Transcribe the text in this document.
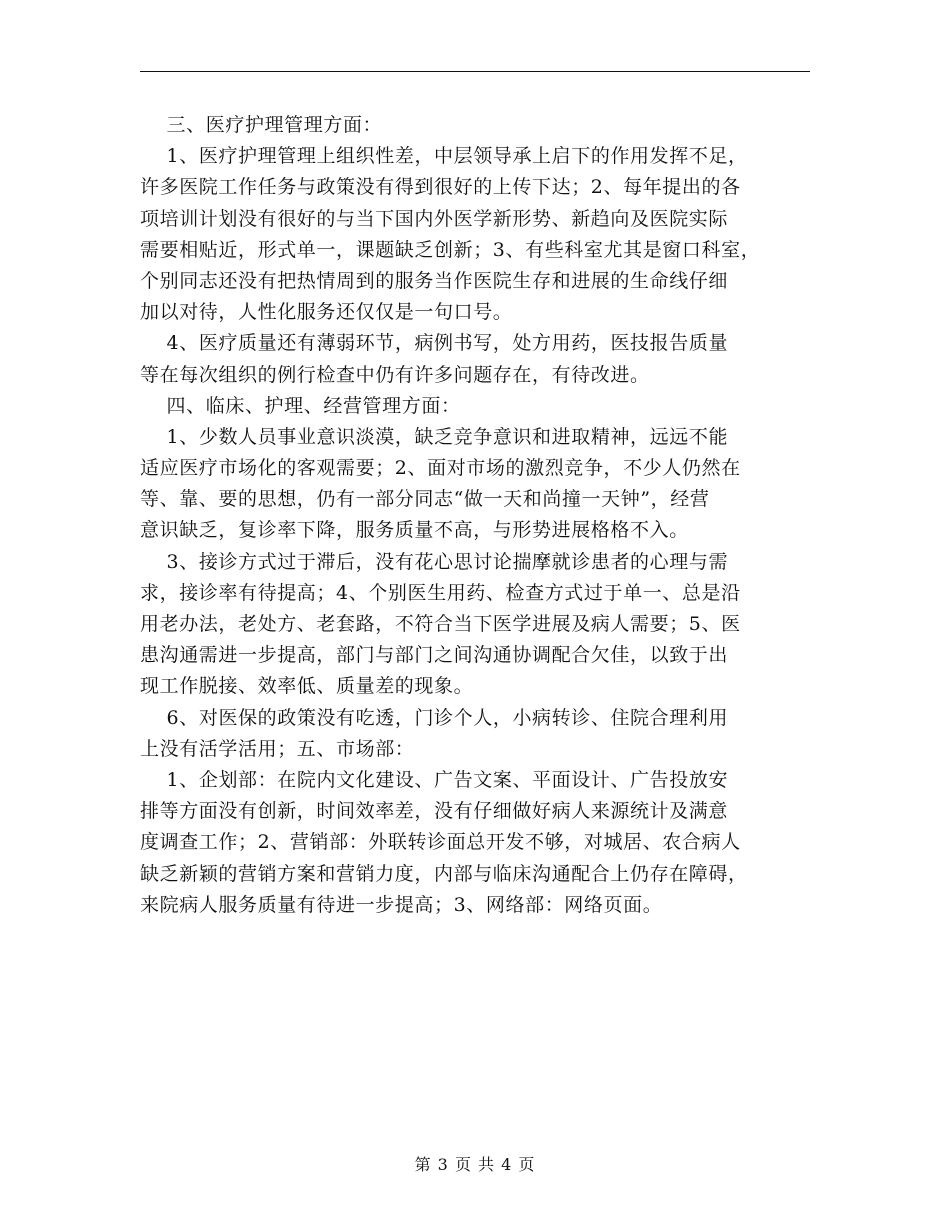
三、医疗护理管理方面：
1、医疗护理管理上组织性差，中层领导承上启下的作用发挥不足，
许多医院工作任务与政策没有得到很好的上传下达；2、每年提出的各
项培训计划没有很好的与当下国内外医学新形势、新趋向及医院实际
需要相贴近，形式单一，课题缺乏创新；3、有些科室尤其是窗口科室，
个别同志还没有把热情周到的服务当作医院生存和进展的生命线仔细
加以对待，人性化服务还仅仅是一句口号。
4、医疗质量还有薄弱环节，病例书写，处方用药，医技报告质量
等在每次组织的例行检查中仍有许多问题存在，有待改进。
四、临床、护理、经营管理方面：
1、少数人员事业意识淡漠，缺乏竞争意识和进取精神，远远不能
适应医疗市场化的客观需要；2、面对市场的激烈竞争，不少人仍然在
等、靠、要的思想，仍有一部分同志“做一天和尚撞一天钟”，经营
意识缺乏，复诊率下降，服务质量不高，与形势进展格格不入。
3、接诊方式过于滞后，没有花心思讨论揣摩就诊患者的心理与需
求，接诊率有待提高；4、个别医生用药、检查方式过于单一、总是沿
用老办法，老处方、老套路，不符合当下医学进展及病人需要；5、医
患沟通需进一步提高，部门与部门之间沟通协调配合欠佳，以致于出
现工作脱接、效率低、质量差的现象。
6、对医保的政策没有吃透，门诊个人，小病转诊、住院合理利用
上没有活学活用；五、市场部：
1、企划部：在院内文化建设、广告文案、平面设计、广告投放安
排等方面没有创新，时间效率差，没有仔细做好病人来源统计及满意
度调查工作；2、营销部：外联转诊面总开发不够，对城居、农合病人
缺乏新颖的营销方案和营销力度，内部与临床沟通配合上仍存在障碍，
来院病人服务质量有待进一步提高；3、网络部：网络页面。
第 3 页 共 4 页
